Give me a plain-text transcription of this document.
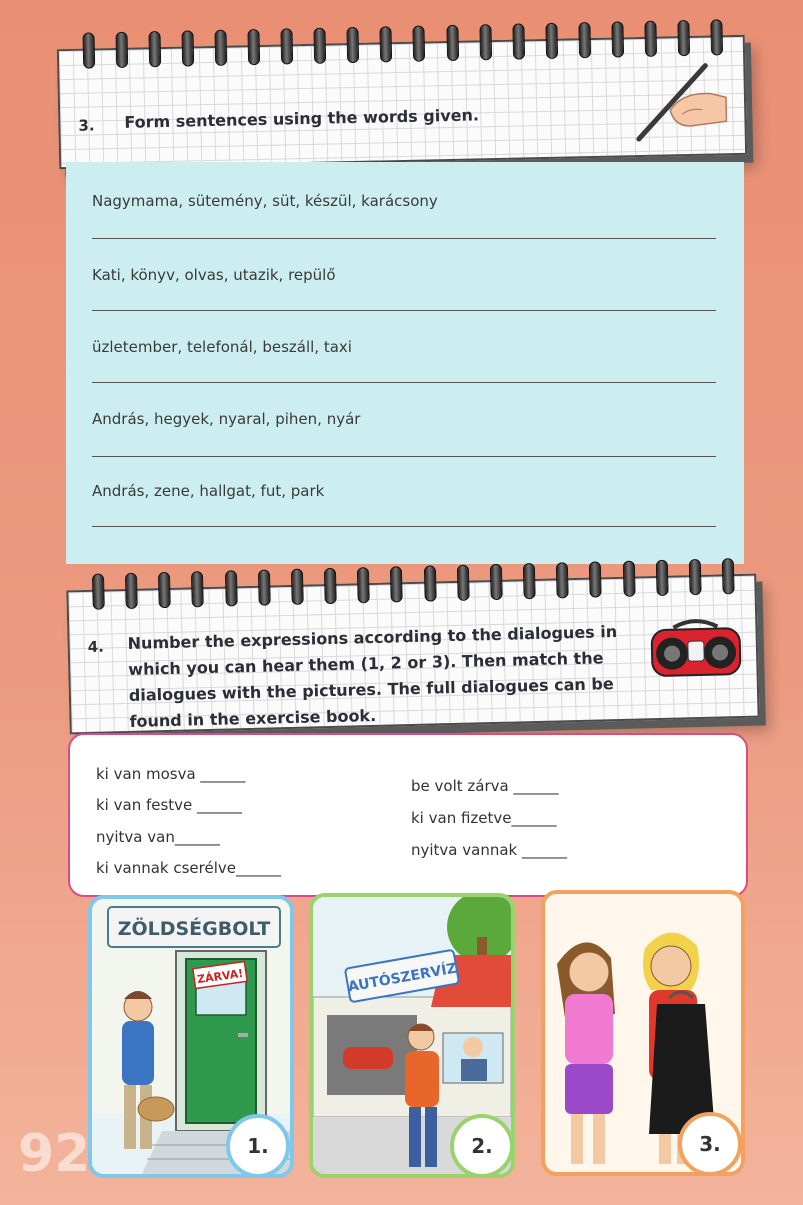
3. Form sentences using the words given.
Nagymama, sütemény, süt, készül, karácsony
Kati, könyv, olvas, utazik, repülő
üzletember, telefonál, beszáll, taxi
András, hegyek, nyaral, pihen, nyár
András, zene, hallgat, fut, park
4. Number the expressions according to the dialogues in
which you can hear them (1, 2 or 3). Then match the
dialogues with the pictures. The full dialogues can be
found in the exercise book.
ki van mosva ______
ki van festve ______
nyitva van______
ki vannak cserélve______
be volt zárva ______
ki van fizetve______
nyitva vannak ______
ZÖLDSÉGBOLT
ZÁRVA!
1.
AUTÓSZERVÍZ
2.	3.
92
